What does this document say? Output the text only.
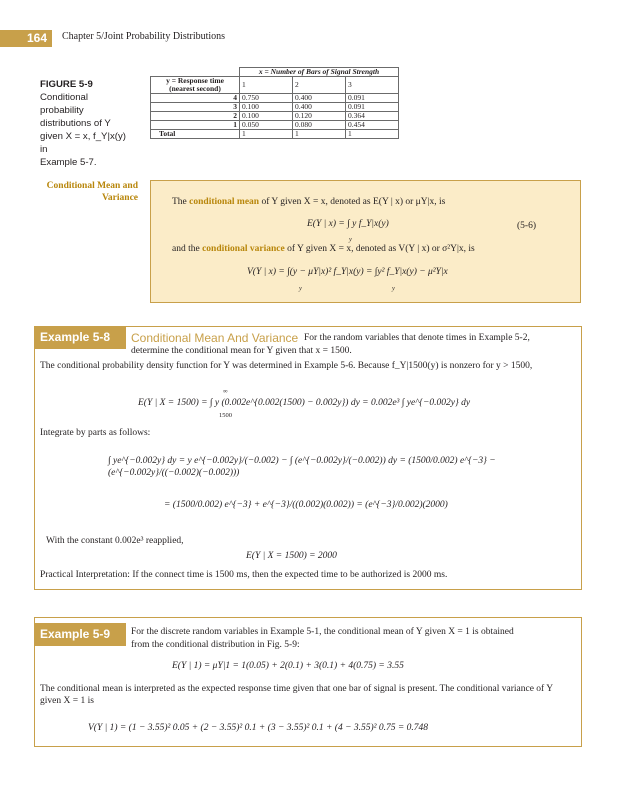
164	Chapter 5/Joint Probability Distributions
FIGURE 5-9
Conditional
probability
distributions of Y
given X = x, f_Y|x(y) in
Example 5-7.
	x = Number of Bars of Signal Strength		
y = Response time
(nearest second)	1	2	3
4	0.750	0.400	0.091
3	0.100	0.400	0.091
2	0.100	0.120	0.364
1	0.050	0.080	0.454
Total	1	1	1
Conditional Mean and
Variance	The conditional mean of Y given X = x, denoted as E(Y | x) or μY|x, is
E(Y | x) = ∫ y f_Y|x(y)
y
(5-6)
and the conditional variance of Y given X = x, denoted as V(Y | x) or σ²Y|x, is
V(Y | x) = ∫(y − μY|x)² f_Y|x(y) = ∫y² f_Y|x(y) − μ²Y|x
y	y
Example 5-8	Conditional Mean And Variance For the random variables that denote times in Example 5-2,
determine the conditional mean for Y given that x = 1500.
The conditional probability density function for Y was determined in Example 5-6. Because f_Y|1500(y) is nonzero for y > 1500,
E(Y | X = 1500) = ∫ y (0.002e^{0.002(1500) − 0.002y}) dy = 0.002e³ ∫ ye^{−0.002y} dy
∞
1500
Integrate by parts as follows:
∫ ye^{−0.002y} dy = y e^{−0.002y}/(−0.002) − ∫ (e^{−0.002y}/(−0.002)) dy = (1500/0.002) e^{−3} − (e^{−0.002y}/((−0.002)(−0.002)))
= (1500/0.002) e^{−3} + e^{−3}/((0.002)(0.002)) = (e^{−3}/0.002)(2000)
With the constant 0.002e³ reapplied,
E(Y | X = 1500) = 2000
Practical Interpretation: If the connect time is 1500 ms, then the expected time to be authorized is 2000 ms.
Example 5-9	For the discrete random variables in Example 5-1, the conditional mean of Y given X = 1 is obtained
from the conditional distribution in Fig. 5-9:
E(Y | 1) = μY|1 = 1(0.05) + 2(0.1) + 3(0.1) + 4(0.75) = 3.55
The conditional mean is interpreted as the expected response time given that one bar of signal is present. The conditional variance of Y given X = 1 is
V(Y | 1) = (1 − 3.55)² 0.05 + (2 − 3.55)² 0.1 + (3 − 3.55)² 0.1 + (4 − 3.55)² 0.75 = 0.748
